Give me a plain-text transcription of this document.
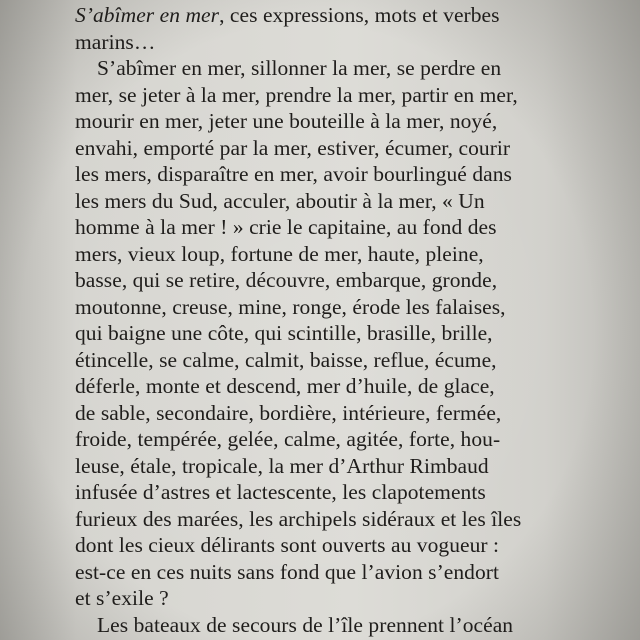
S’abîmer en mer, ces expressions, mots et verbes
marins…
S’abîmer en mer, sillonner la mer, se perdre en
mer, se jeter à la mer, prendre la mer, partir en mer,
mourir en mer, jeter une bouteille à la mer, noyé,
envahi, emporté par la mer, estiver, écumer, courir
les mers, disparaître en mer, avoir bourlingué dans
les mers du Sud, acculer, aboutir à la mer, « Un
homme à la mer ! » crie le capitaine, au fond des
mers, vieux loup, fortune de mer, haute, pleine,
basse, qui se retire, découvre, embarque, gronde,
moutonne, creuse, mine, ronge, érode les falaises,
qui baigne une côte, qui scintille, brasille, brille,
étincelle, se calme, calmit, baisse, reflue, écume,
déferle, monte et descend, mer d’huile, de glace,
de sable, secondaire, bordière, intérieure, fermée,
froide, tempérée, gelée, calme, agitée, forte, hou-
leuse, étale, tropicale, la mer d’Arthur Rimbaud
infusée d’astres et lactescente, les clapotements
furieux des marées, les archipels sidéraux et les îles
dont les cieux délirants sont ouverts au vogueur :
est-ce en ces nuits sans fond que l’avion s’endort
et s’exile ?
Les bateaux de secours de l’île prennent l’océan
